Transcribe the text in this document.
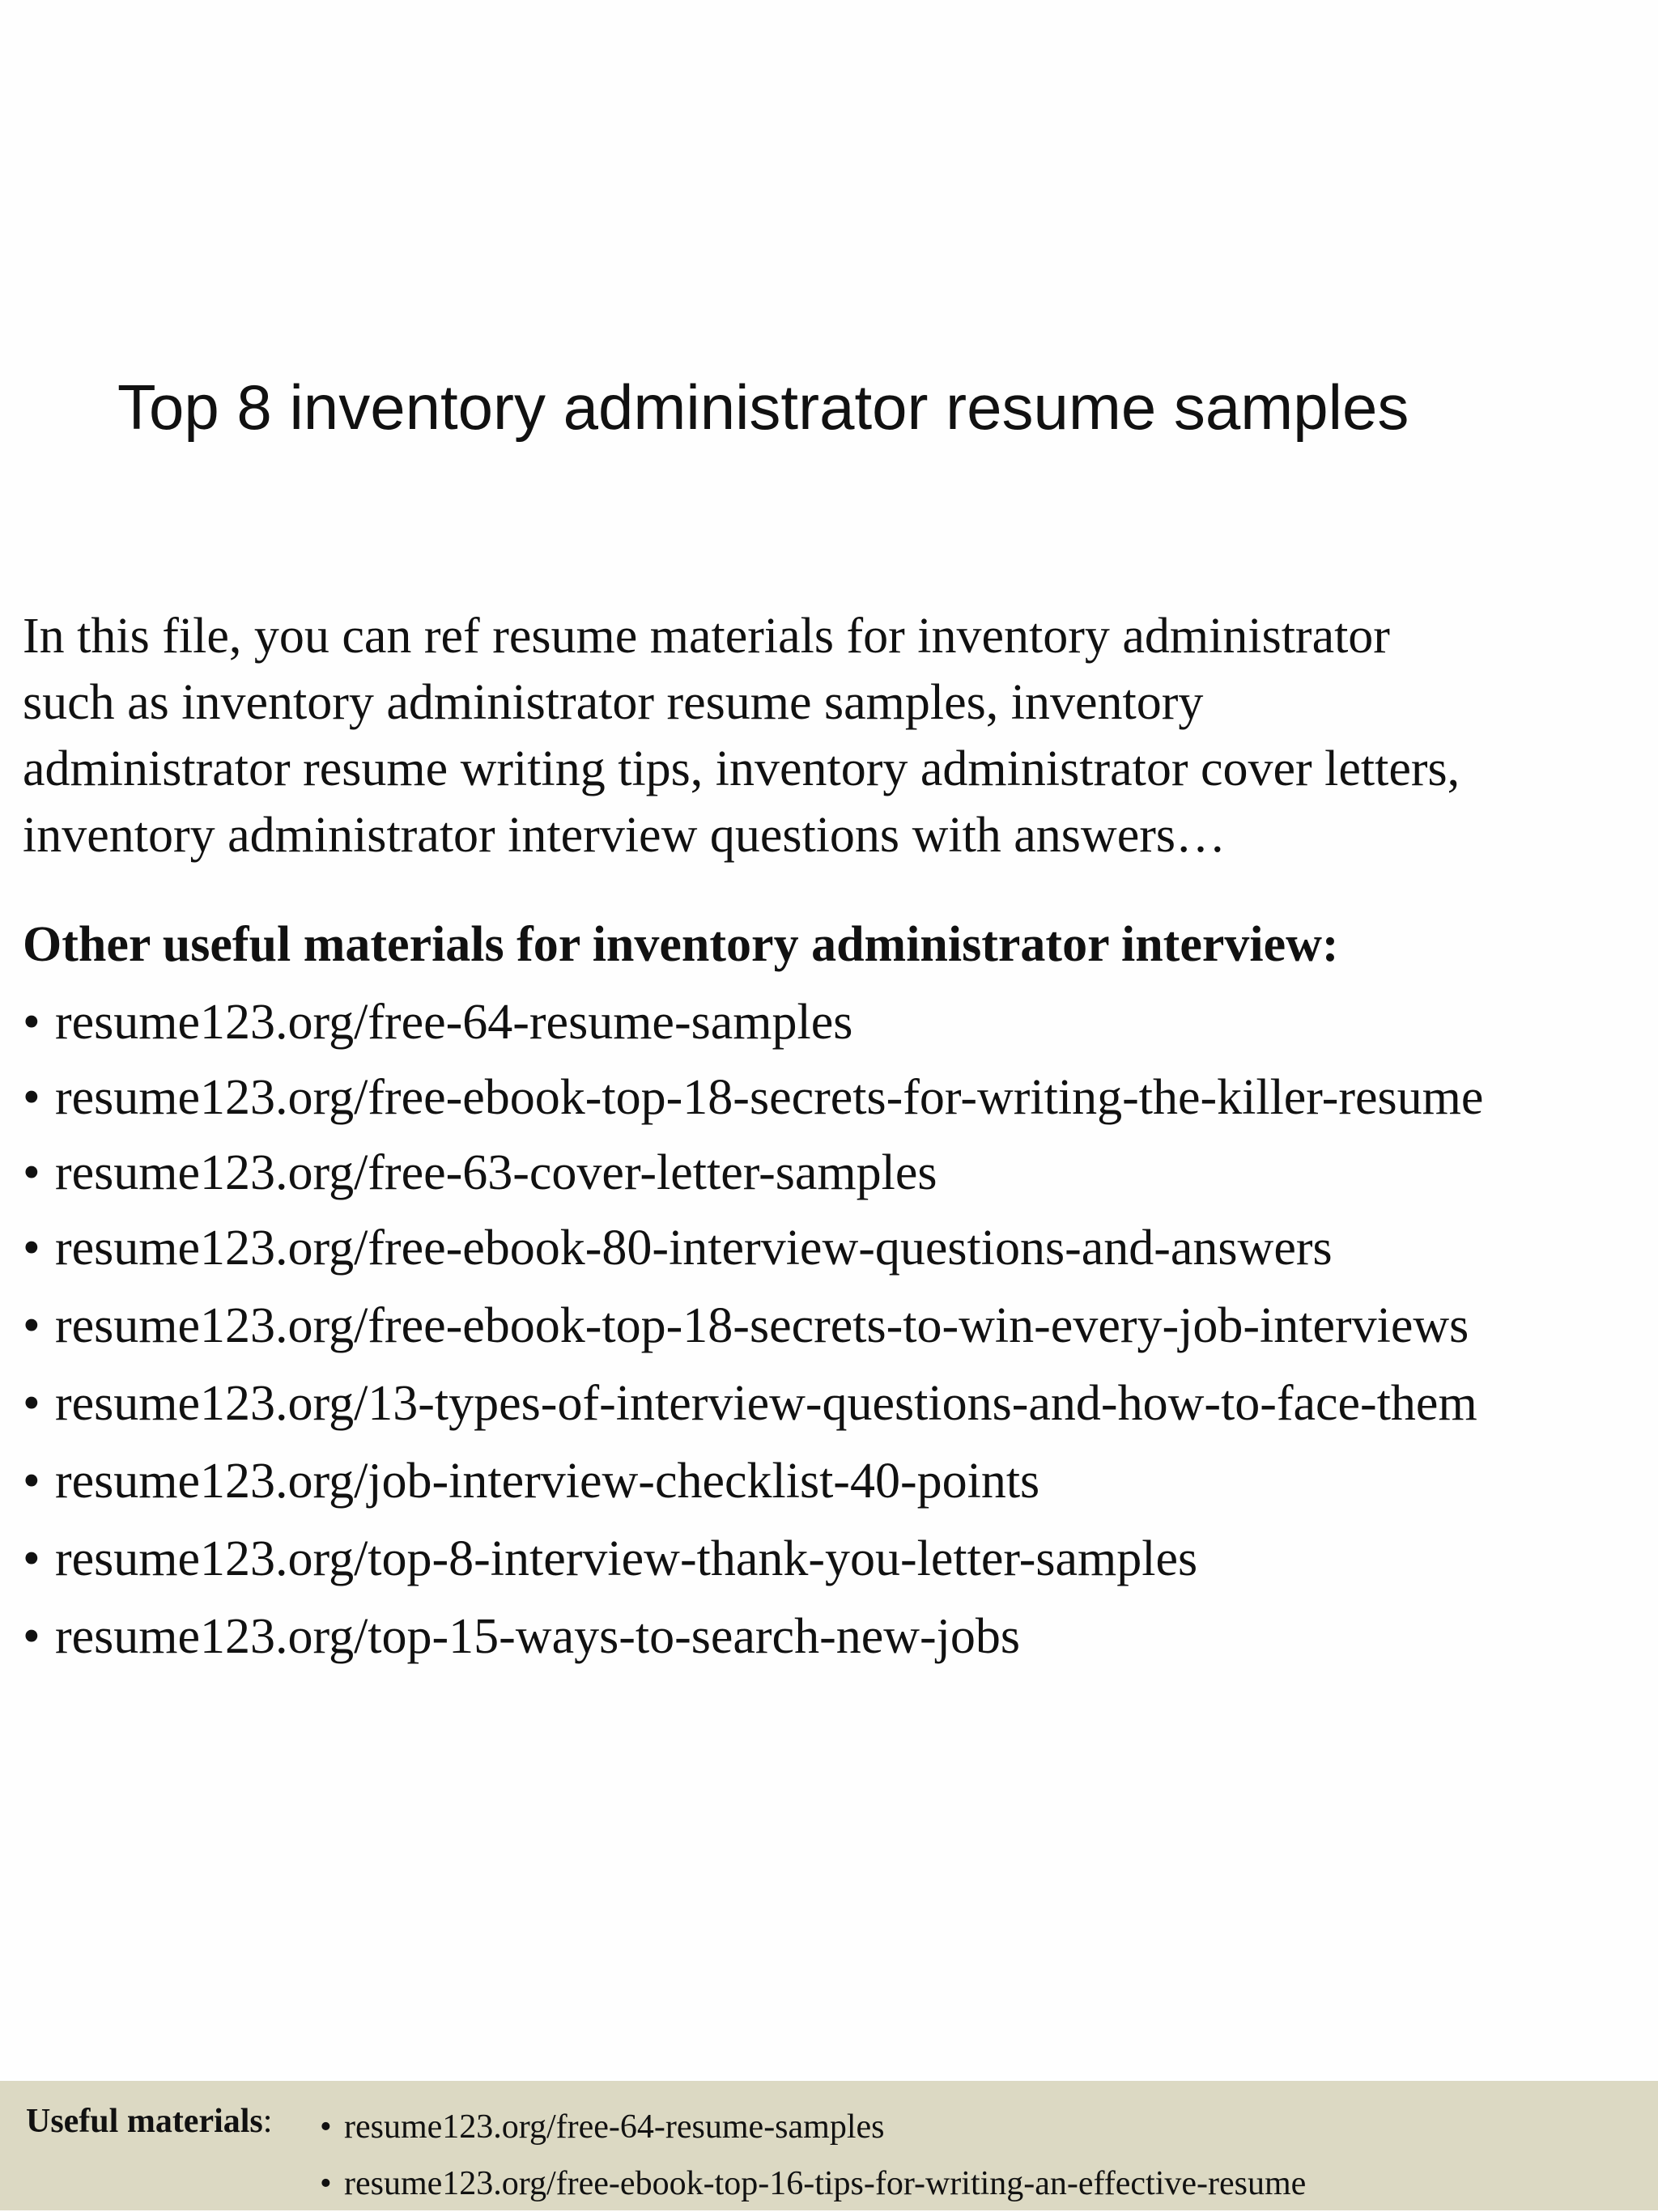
Top 8 inventory administrator resume samples

In this file, you can ref resume materials for inventory administrator
such as inventory administrator resume samples, inventory
administrator resume writing tips, inventory administrator cover letters,
inventory administrator interview questions with answers…

Other useful materials for inventory administrator interview:
• resume123.org/free-64-resume-samples
• resume123.org/free-ebook-top-18-secrets-for-writing-the-killer-resume
• resume123.org/free-63-cover-letter-samples
• resume123.org/free-ebook-80-interview-questions-and-answers
• resume123.org/free-ebook-top-18-secrets-to-win-every-job-interviews
• resume123.org/13-types-of-interview-questions-and-how-to-face-them
• resume123.org/job-interview-checklist-40-points
• resume123.org/top-8-interview-thank-you-letter-samples
• resume123.org/top-15-ways-to-search-new-jobs
Useful materials: • resume123.org/free-64-resume-samples
• resume123.org/free-ebook-top-16-tips-for-writing-an-effective-resume
